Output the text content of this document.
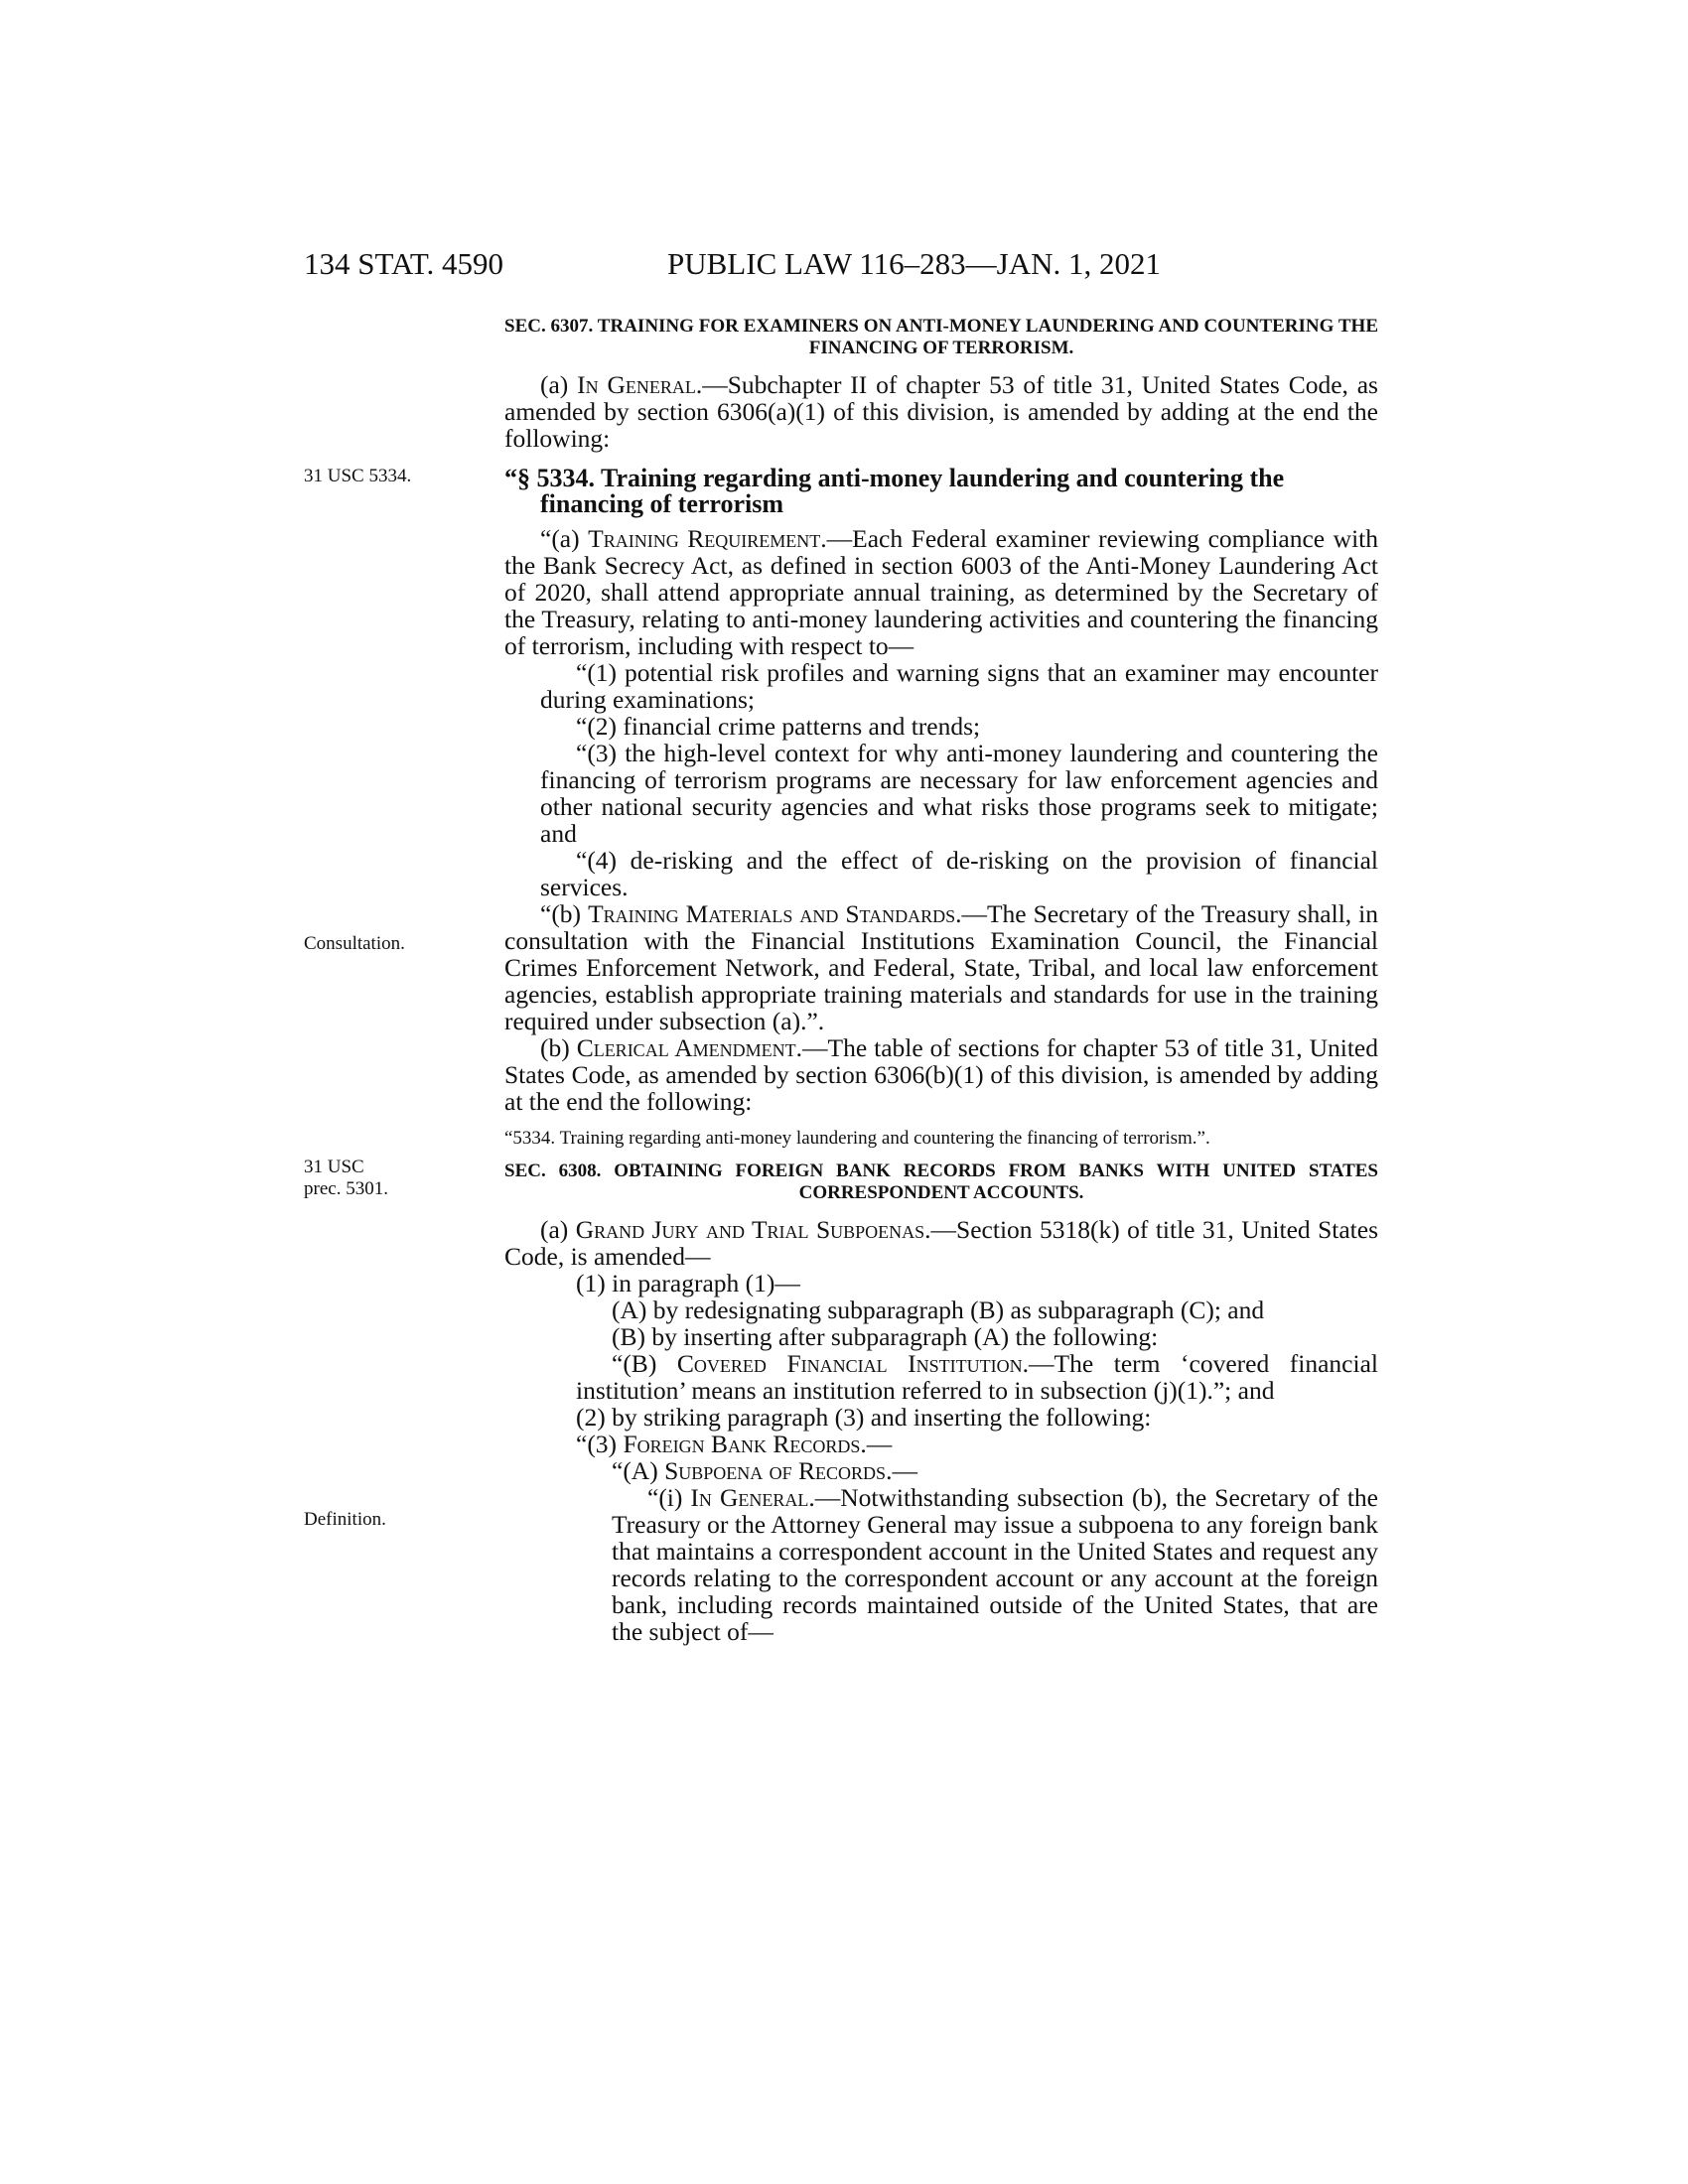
134 STAT. 4590	PUBLIC LAW 116–283—JAN. 1, 2021
31 USC 5334.
Consultation.
31 USC
prec. 5301.
Definition.
SEC. 6307. TRAINING FOR EXAMINERS ON ANTI-MONEY LAUNDERING AND COUNTERING THE FINANCING OF TERRORISM.

(a) In General.—Subchapter II of chapter 53 of title 31, United States Code, as amended by section 6306(a)(1) of this division, is amended by adding at the end the following:

“§ 5334. Training regarding anti-money laundering and countering the financing of terrorism

“(a) Training Requirement.—Each Federal examiner reviewing compliance with the Bank Secrecy Act, as defined in section 6003 of the Anti-Money Laundering Act of 2020, shall attend appropriate annual training, as determined by the Secretary of the Treasury, relating to anti-money laundering activities and countering the financing of terrorism, including with respect to—

“(1) potential risk profiles and warning signs that an examiner may encounter during examinations;

“(2) financial crime patterns and trends;

“(3) the high-level context for why anti-money laundering and countering the financing of terrorism programs are necessary for law enforcement agencies and other national security agencies and what risks those programs seek to mitigate; and

“(4) de-risking and the effect of de-risking on the provision of financial services.

“(b) Training Materials and Standards.—The Secretary of the Treasury shall, in consultation with the Financial Institutions Examination Council, the Financial Crimes Enforcement Network, and Federal, State, Tribal, and local law enforcement agencies, establish appropriate training materials and standards for use in the training required under subsection (a).”.

(b) Clerical Amendment.—The table of sections for chapter 53 of title 31, United States Code, as amended by section 6306(b)(1) of this division, is amended by adding at the end the following:

“5334. Training regarding anti-money laundering and countering the financing of terrorism.”.

SEC. 6308. OBTAINING FOREIGN BANK RECORDS FROM BANKS WITH UNITED STATES CORRESPONDENT ACCOUNTS.

(a) Grand Jury and Trial Subpoenas.—Section 5318(k) of title 31, United States Code, is amended—

(1) in paragraph (1)—

(A) by redesignating subparagraph (B) as subparagraph (C); and

(B) by inserting after subparagraph (A) the following:

“(B) Covered Financial Institution.—The term ‘covered financial institution’ means an institution referred to in subsection (j)(1).”; and

(2) by striking paragraph (3) and inserting the following:

“(3) Foreign Bank Records.—

“(A) Subpoena of Records.—

“(i) In General.—Notwithstanding subsection (b), the Secretary of the Treasury or the Attorney General may issue a subpoena to any foreign bank that maintains a correspondent account in the United States and request any records relating to the correspondent account or any account at the foreign bank, including records maintained outside of the United States, that are the subject of—
